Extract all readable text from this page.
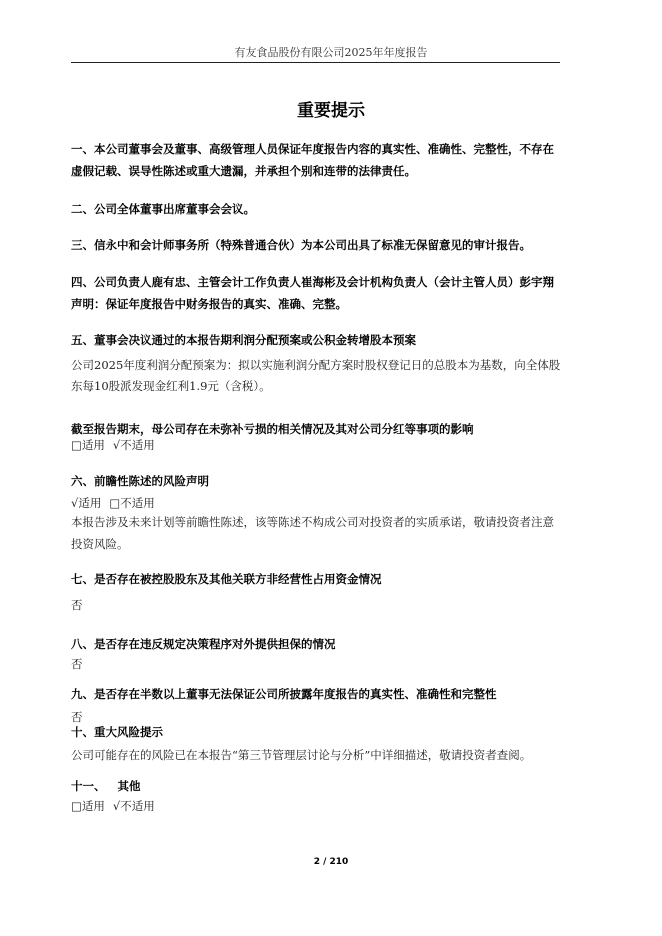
有友食品股份有限公司2025年年度报告
重要提示
一、本公司董事会及董事、高级管理人员保证年度报告内容的真实性、准确性、完整性，不存在
虚假记载、误导性陈述或重大遗漏，并承担个别和连带的法律责任。
二、公司全体董事出席董事会会议。
三、信永中和会计师事务所（特殊普通合伙）为本公司出具了标准无保留意见的审计报告。
四、公司负责人鹿有忠、主管会计工作负责人崔海彬及会计机构负责人（会计主管人员）彭宇翔
声明：保证年度报告中财务报告的真实、准确、完整。
五、董事会决议通过的本报告期利润分配预案或公积金转增股本预案
公司2025年度利润分配预案为：拟以实施利润分配方案时股权登记日的总股本为基数，向全体股
东每10股派发现金红利1.9元（含税）。
截至报告期末，母公司存在未弥补亏损的相关情况及其对公司分红等事项的影响
□适用 √不适用
六、前瞻性陈述的风险声明
√适用 □不适用
本报告涉及未来计划等前瞻性陈述，该等陈述不构成公司对投资者的实质承诺，敬请投资者注意
投资风险。
七、是否存在被控股股东及其他关联方非经营性占用资金情况
否
八、是否存在违反规定决策程序对外提供担保的情况
否
九、是否存在半数以上董事无法保证公司所披露年度报告的真实性、准确性和完整性
否
十、重大风险提示
公司可能存在的风险已在本报告“第三节管理层讨论与分析”中详细描述，敬请投资者查阅。
十一、   其他
□适用 √不适用
2 / 210
